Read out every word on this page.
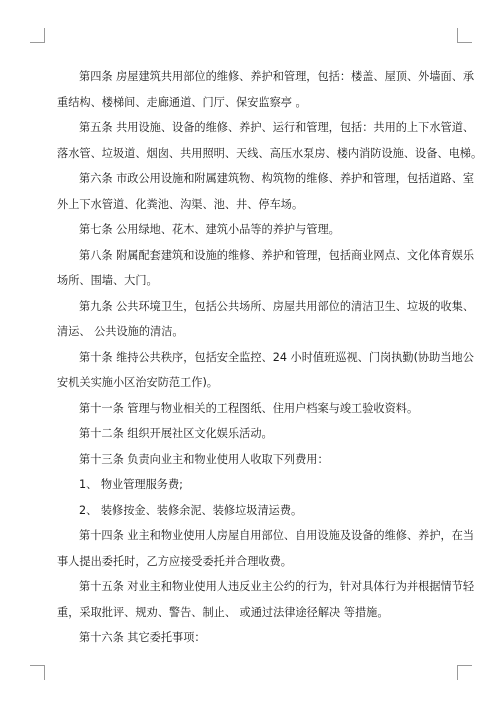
第四条 房屋建筑共用部位的维修、养护和管理，包括：楼盖、屋顶、外墙面、承
重结构、楼梯间、走廊通道、门厅、保安监察亭 。

第五条 共用设施、设备的维修、养护、运行和管理，包括：共用的上下水管道、
落水管、垃圾道、烟囱、共用照明、天线、高压水泵房、楼内消防设施、设备、电梯。

第六条 市政公用设施和附属建筑物、构筑物的维修、养护和管理，包括道路、室
外上下水管道、化粪池、沟渠、池、井、停车场。

第七条 公用绿地、花木、建筑小品等的养护与管理。

第八条 附属配套建筑和设施的维修、养护和管理，包括商业网点、文化体育娱乐
场所、围墙、大门。

第九条 公共环境卫生，包括公共场所、房屋共用部位的清洁卫生、垃圾的收集、
清运、 公共设施的清洁。

第十条 维持公共秩序，包括安全监控、24 小时值班巡视、门岗执勤(协助当地公
安机关实施小区治安防范工作)。

第十一条 管理与物业相关的工程图纸、住用户档案与竣工验收资料。

第十二条 组织开展社区文化娱乐活动。

第十三条 负责向业主和物业使用人收取下列费用：

1、 物业管理服务费;

2、 装修按金、装修余泥、装修垃圾清运费。

第十四条 业主和物业使用人房屋自用部位、自用设施及设备的维修、养护，在当
事人提出委托时，乙方应接受委托并合理收费。

第十五条 对业主和物业使用人违反业主公约的行为，针对具体行为并根据情节轻
重，采取批评、规劝、警告、制止、 或通过法律途径解决 等措施。

第十六条 其它委托事项：
